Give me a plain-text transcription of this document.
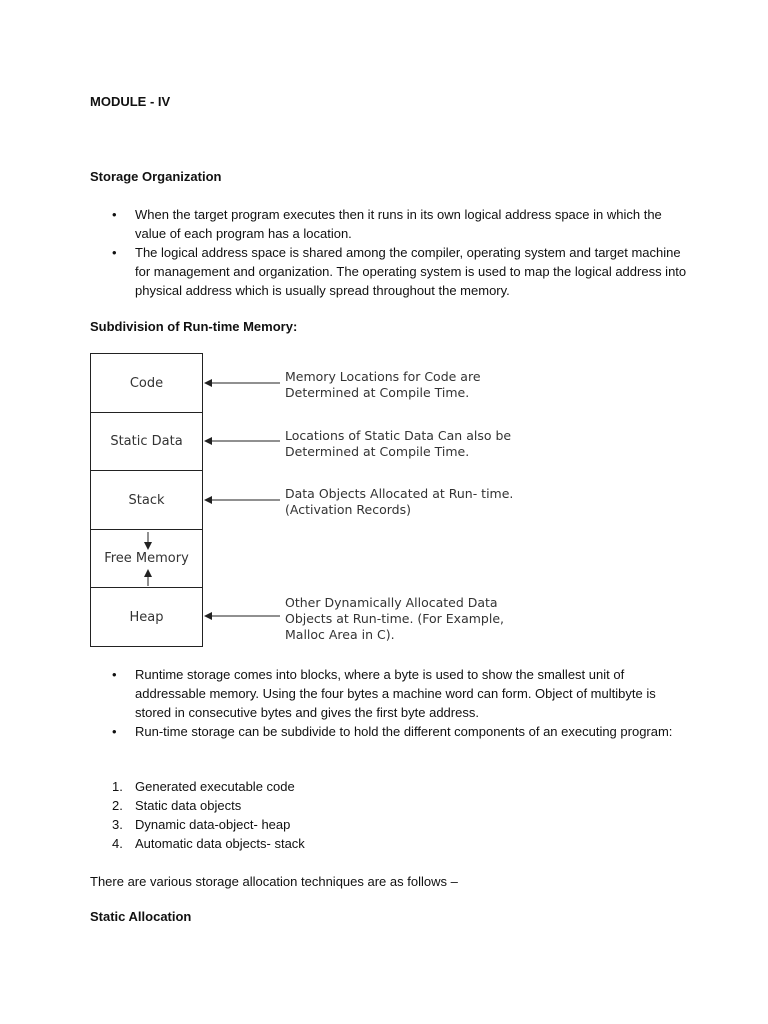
MODULE - IV
Storage Organization
• When the target program executes then it runs in its own logical address space in which the value of each program has a location.
• The logical address space is shared among the compiler, operating system and target machine for management and organization. The operating system is used to map the logical address into physical address which is usually spread throughout the memory.
Subdivision of Run-time Memory:
Code
Static Data
Stack
Free Memory
Heap
Memory Locations for Code are
Determined at Compile Time.
Locations of Static Data Can also be
Determined at Compile Time.
Data Objects Allocated at Run- time.
(Activation Records)
Other Dynamically Allocated Data
Objects at Run-time. (For Example,
Malloc Area in C).
• Runtime storage comes into blocks, where a byte is used to show the smallest unit of addressable memory. Using the four bytes a machine word can form. Object of multibyte is stored in consecutive bytes and gives the first byte address.
• Run-time storage can be subdivide to hold the different components of an executing program:
1. Generated executable code
2. Static data objects
3. Dynamic data-object- heap
4. Automatic data objects- stack
There are various storage allocation techniques are as follows –
Static Allocation
